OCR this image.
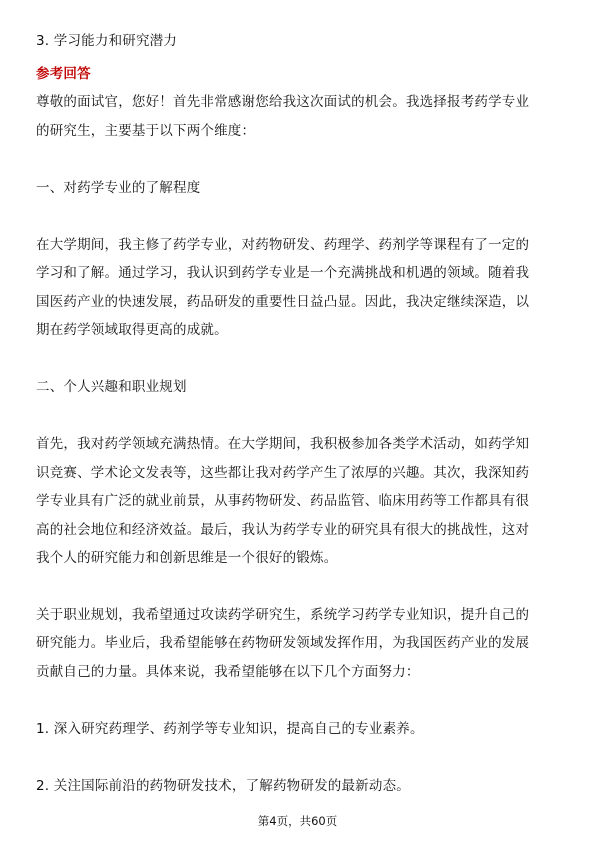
3. 学习能力和研究潜力
参考回答
尊敬的面试官，您好！首先非常感谢您给我这次面试的机会。我选择报考药学专业
的研究生，主要基于以下两个维度：
一、对药学专业的了解程度
在大学期间，我主修了药学专业，对药物研发、药理学、药剂学等课程有了一定的
学习和了解。通过学习，我认识到药学专业是一个充满挑战和机遇的领域。随着我
国医药产业的快速发展，药品研发的重要性日益凸显。因此，我决定继续深造，以
期在药学领域取得更高的成就。
二、个人兴趣和职业规划
首先，我对药学领域充满热情。在大学期间，我积极参加各类学术活动，如药学知
识竞赛、学术论文发表等，这些都让我对药学产生了浓厚的兴趣。其次，我深知药
学专业具有广泛的就业前景，从事药物研发、药品监管、临床用药等工作都具有很
高的社会地位和经济效益。最后，我认为药学专业的研究具有很大的挑战性，这对
我个人的研究能力和创新思维是一个很好的锻炼。
关于职业规划，我希望通过攻读药学研究生，系统学习药学专业知识，提升自己的
研究能力。毕业后，我希望能够在药物研发领域发挥作用，为我国医药产业的发展
贡献自己的力量。具体来说，我希望能够在以下几个方面努力：
1. 深入研究药理学、药剂学等专业知识，提高自己的专业素养。
2. 关注国际前沿的药物研发技术，了解药物研发的最新动态。
第4页，共60页
